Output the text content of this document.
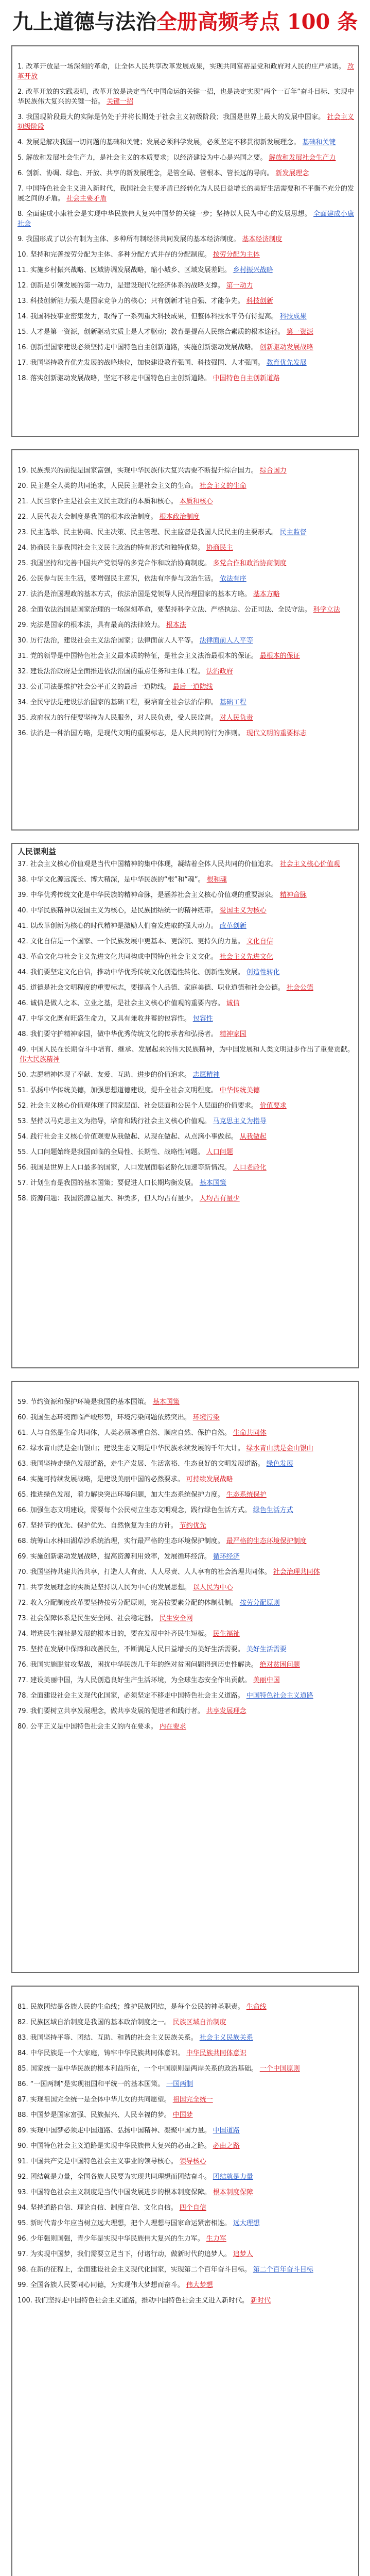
九上道德与法治全册高频考点 100 条
1. 改革开放是一场深刻的革命，让全体人民共享改革发展成果，实现共同富裕是党和政府对人民的庄严承诺。 改革开放
2. 改革开放的实践表明，改革开放是决定当代中国命运的关键一招，也是决定实现“两个一百年”奋斗目标、实现中华民族伟大复兴的关键一招。 关键一招
3. 我国现阶段最大的实际是仍处于并将长期处于社会主义初级阶段；我国是世界上最大的发展中国家。 社会主义初级阶段
4. 发展是解决我国一切问题的基础和关键；发展必须科学发展，必须坚定不移贯彻新发展理念。 基础和关键
5. 解放和发展社会生产力，是社会主义的本质要求；以经济建设为中心是兴国之要。 解放和发展社会生产力
6. 创新、协调、绿色、开放、共享的新发展理念，是管全局、管根本、管长远的导向。 新发展理念
7. 中国特色社会主义进入新时代，我国社会主要矛盾已经转化为人民日益增长的美好生活需要和不平衡不充分的发展之间的矛盾。 社会主要矛盾
8. 全面建成小康社会是实现中华民族伟大复兴中国梦的关键一步；坚持以人民为中心的发展思想。 全面建成小康社会
9. 我国形成了以公有制为主体、多种所有制经济共同发展的基本经济制度。 基本经济制度
10. 坚持和完善按劳分配为主体、多种分配方式并存的分配制度。 按劳分配为主体
11. 实施乡村振兴战略、区域协调发展战略，缩小城乡、区域发展差距。 乡村振兴战略
12. 创新是引领发展的第一动力，是建设现代化经济体系的战略支撑。 第一动力
13. 科技创新能力强大是国家竞争力的核心；只有创新才能自强、才能争先。 科技创新
14. 我国科技事业密集发力，取得了一系列重大科技成果，但整体科技水平仍有待提高。 科技成果
15. 人才是第一资源，创新驱动实质上是人才驱动；教育是提高人民综合素质的根本途径。 第一资源
16. 创新型国家建设必须坚持走中国特色自主创新道路，实施创新驱动发展战略。 创新驱动发展战略
17. 我国坚持教育优先发展的战略地位，加快建设教育强国、科技强国、人才强国。 教育优先发展
18. 落实创新驱动发展战略，坚定不移走中国特色自主创新道路。 中国特色自主创新道路
19. 民族振兴的前提是国家富强，实现中华民族伟大复兴需要不断提升综合国力。 综合国力
20. 民主是全人类的共同追求，人民民主是社会主义的生命。 社会主义的生命
21. 人民当家作主是社会主义民主政治的本质和核心。 本质和核心
22. 人民代表大会制度是我国的根本政治制度。 根本政治制度
23. 民主选举、民主协商、民主决策、民主管理、民主监督是我国人民民主的主要形式。 民主监督
24. 协商民主是我国社会主义民主政治的特有形式和独特优势。 协商民主
25. 我国坚持和完善中国共产党领导的多党合作和政治协商制度。 多党合作和政治协商制度
26. 公民参与民主生活，要增强民主意识，依法有序参与政治生活。 依法有序
27. 法治是治国理政的基本方式，依法治国是党领导人民治理国家的基本方略。 基本方略
28. 全面依法治国是国家治理的一场深刻革命，要坚持科学立法、严格执法、公正司法、全民守法。 科学立法
29. 宪法是国家的根本法，具有最高的法律效力。 根本法
30. 厉行法治，建设社会主义法治国家；法律面前人人平等。 法律面前人人平等
31. 党的领导是中国特色社会主义最本质的特征，是社会主义法治最根本的保证。 最根本的保证
32. 建设法治政府是全面推进依法治国的重点任务和主体工程。 法治政府
33. 公正司法是维护社会公平正义的最后一道防线。 最后一道防线
34. 全民守法是建设法治国家的基础工程，要培育全社会法治信仰。 基础工程
35. 政府权力的行使要坚持为人民服务，对人民负责，受人民监督。 对人民负责
36. 法治是一种治国方略，是现代文明的重要标志，是人民共同的行为准则。 现代文明的重要标志
人民课利益
37. 社会主义核心价值观是当代中国精神的集中体现，凝结着全体人民共同的价值追求。 社会主义核心价值观
38. 中华文化源远流长、博大精深，是中华民族的“根”和“魂”。 根和魂
39. 中华优秀传统文化是中华民族的精神命脉，是涵养社会主义核心价值观的重要源泉。 精神命脉
40. 中华民族精神以爱国主义为核心，是民族团结统一的精神纽带。 爱国主义为核心
41. 以改革创新为核心的时代精神是激励人们奋发进取的强大动力。 改革创新
42. 文化自信是一个国家、一个民族发展中更基本、更深沉、更持久的力量。 文化自信
43. 革命文化与社会主义先进文化共同构成中国特色社会主义文化。 社会主义先进文化
44. 我们要坚定文化自信，推动中华优秀传统文化创造性转化、创新性发展。 创造性转化
45. 道德是社会文明程度的重要标志，要提高个人品德、家庭美德、职业道德和社会公德。 社会公德
46. 诚信是做人之本、立业之基，是社会主义核心价值观的重要内容。 诚信
47. 中华文化既有旺盛生命力，又具有兼收并蓄的包容性。 包容性
48. 我们要守护精神家园，做中华优秀传统文化的传承者和弘扬者。 精神家园
49. 中国人民在长期奋斗中培育、继承、发展起来的伟大民族精神，为中国发展和人类文明进步作出了重要贡献。伟大民族精神
50. 志愿精神体现了奉献、友爱、互助、进步的价值追求。 志愿精神
51. 弘扬中华传统美德，加强思想道德建设，提升全社会文明程度。 中华传统美德
52. 社会主义核心价值观体现了国家层面、社会层面和公民个人层面的价值要求。 价值要求
53. 坚持以马克思主义为指导，培育和践行社会主义核心价值观。 马克思主义为指导
54. 践行社会主义核心价值观要从我做起、从现在做起、从点滴小事做起。 从我做起
55. 人口问题始终是我国面临的全局性、长期性、战略性问题。 人口问题
56. 我国是世界上人口最多的国家，人口发展面临老龄化加速等新情况。 人口老龄化
57. 计划生育是我国的基本国策；要促进人口长期均衡发展。 基本国策
58. 资源问题：我国资源总量大、种类多，但人均占有量少。 人均占有量少
59. 节约资源和保护环境是我国的基本国策。 基本国策
60. 我国生态环境面临严峻形势，环境污染问题依然突出。 环境污染
61. 人与自然是生命共同体，人类必须尊重自然、顺应自然、保护自然。 生命共同体
62. 绿水青山就是金山银山；建设生态文明是中华民族永续发展的千年大计。 绿水青山就是金山银山
63. 我国坚持走绿色发展道路，走生产发展、生活富裕、生态良好的文明发展道路。 绿色发展
64. 实施可持续发展战略，是建设美丽中国的必然要求。 可持续发展战略
65. 推进绿色发展，着力解决突出环境问题，加大生态系统保护力度。 生态系统保护
66. 加强生态文明建设，需要每个公民树立生态文明观念，践行绿色生活方式。 绿色生活方式
67. 坚持节约优先、保护优先、自然恢复为主的方针。 节约优先
68. 统筹山水林田湖草沙系统治理，实行最严格的生态环境保护制度。 最严格的生态环境保护制度
69. 实施创新驱动发展战略，提高资源利用效率，发展循环经济。 循环经济
70. 我国坚持共建共治共享，打造人人有责、人人尽责、人人享有的社会治理共同体。 社会治理共同体
71. 共享发展理念的实质是坚持以人民为中心的发展思想。 以人民为中心
72. 收入分配制度改革要坚持按劳分配原则，完善按要素分配的体制机制。 按劳分配原则
73. 社会保障体系是民生安全网、社会稳定器。 民生安全网
74. 增进民生福祉是发展的根本目的，要在发展中补齐民生短板。 民生福祉
75. 坚持在发展中保障和改善民生，不断满足人民日益增长的美好生活需要。 美好生活需要
76. 我国实施脱贫攻坚战，困扰中华民族几千年的绝对贫困问题得到历史性解决。 绝对贫困问题
77. 建设美丽中国，为人民创造良好生产生活环境，为全球生态安全作出贡献。 美丽中国
78. 全面建设社会主义现代化国家，必须坚定不移走中国特色社会主义道路。 中国特色社会主义道路
79. 我们要树立共享发展理念，做共享发展的促进者和践行者。 共享发展理念
80. 公平正义是中国特色社会主义的内在要求。 内在要求
81. 民族团结是各族人民的生命线；维护民族团结，是每个公民的神圣职责。 生命线
82. 民族区域自治制度是我国的基本政治制度之一。 民族区域自治制度
83. 我国坚持平等、团结、互助、和谐的社会主义民族关系。 社会主义民族关系
84. 中华民族是一个大家庭，铸牢中华民族共同体意识。 中华民族共同体意识
85. 国家统一是中华民族的根本利益所在，一个中国原则是两岸关系的政治基础。 一个中国原则
86. “一国两制”是实现祖国和平统一的基本国策。 一国两制
87. 实现祖国完全统一是全体中华儿女的共同愿望。 祖国完全统一
88. 中国梦是国家富强、民族振兴、人民幸福的梦。 中国梦
89. 实现中国梦必须走中国道路、弘扬中国精神、凝聚中国力量。 中国道路
90. 中国特色社会主义道路是实现中华民族伟大复兴的必由之路。 必由之路
91. 中国共产党是中国特色社会主义事业的领导核心。 领导核心
92. 团结就是力量，全国各族人民要为实现共同理想而团结奋斗。 团结就是力量
93. 中国特色社会主义制度是当代中国发展进步的根本制度保障。 根本制度保障
94. 坚持道路自信、理论自信、制度自信、文化自信。 四个自信
95. 新时代青少年应当树立远大理想，把个人理想与国家命运紧密相连。 远大理想
96. 少年强则国强，青少年是实现中华民族伟大复兴的生力军。 生力军
97. 为实现中国梦，我们需要立足当下，付诸行动，做新时代的追梦人。 追梦人
98. 在新的征程上，全面建设社会主义现代化国家，实现第二个百年奋斗目标。 第二个百年奋斗目标
99. 全国各族人民要同心同德，为实现伟大梦想而奋斗。 伟大梦想
100. 我们坚持走中国特色社会主义道路，推动中国特色社会主义进入新时代。 新时代
